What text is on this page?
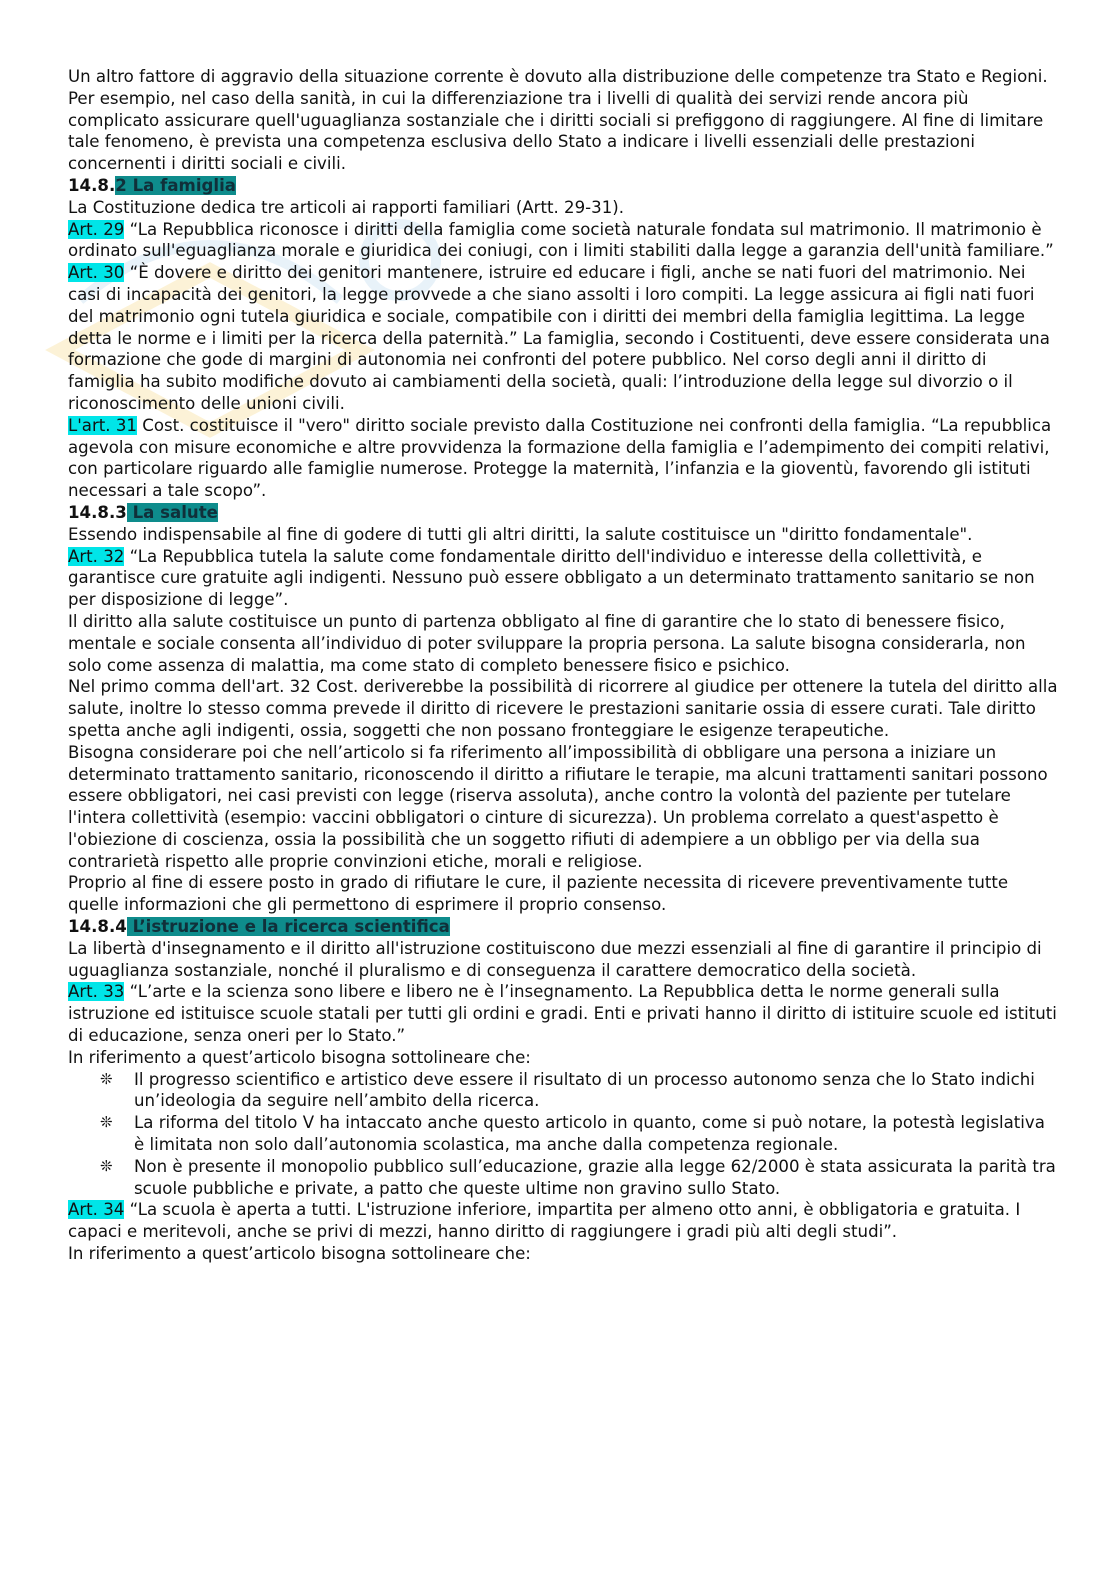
Un altro fattore di aggravio della situazione corrente è dovuto alla distribuzione delle competenze tra Stato e Regioni. Per esempio, nel caso della sanità, in cui la differenziazione tra i livelli di qualità dei servizi rende ancora più complicato assicurare quell'uguaglianza sostanziale che i diritti sociali si prefiggono di raggiungere. Al fine di limitare tale fenomeno, è prevista una competenza esclusiva dello Stato a indicare i livelli essenziali delle prestazioni concernenti i diritti sociali e civili.

14.8.2 La famiglia

La Costituzione dedica tre articoli ai rapporti familiari (Artt. 29-31).

Art. 29 “La Repubblica riconosce i diritti della famiglia come società naturale fondata sul matrimonio. Il matrimonio è ordinato sull'eguaglianza morale e giuridica dei coniugi, con i limiti stabiliti dalla legge a garanzia dell'unità familiare.”

Art. 30 “È dovere e diritto dei genitori mantenere, istruire ed educare i figli, anche se nati fuori del matrimonio. Nei casi di incapacità dei genitori, la legge provvede a che siano assolti i loro compiti. La legge assicura ai figli nati fuori del matrimonio ogni tutela giuridica e sociale, compatibile con i diritti dei membri della famiglia legittima. La legge detta le norme e i limiti per la ricerca della paternità.” La famiglia, secondo i Costituenti, deve essere considerata una formazione che gode di margini di autonomia nei confronti del potere pubblico. Nel corso degli anni il diritto di famiglia ha subito modifiche dovuto ai cambiamenti della società, quali: l’introduzione della legge sul divorzio o il riconoscimento delle unioni civili.

L'art. 31 Cost. costituisce il "vero" diritto sociale previsto dalla Costituzione nei confronti della famiglia. “La repubblica agevola con misure economiche e altre provvidenza la formazione della famiglia e l’adempimento dei compiti relativi, con particolare riguardo alle famiglie numerose. Protegge la maternità, l’infanzia e la gioventù, favorendo gli istituti necessari a tale scopo”.

14.8.3 La salute

Essendo indispensabile al fine di godere di tutti gli altri diritti, la salute costituisce un "diritto fondamentale".

Art. 32 “La Repubblica tutela la salute come fondamentale diritto dell'individuo e interesse della collettività, e garantisce cure gratuite agli indigenti. Nessuno può essere obbligato a un determinato trattamento sanitario se non per disposizione di legge”.

Il diritto alla salute costituisce un punto di partenza obbligato al fine di garantire che lo stato di benessere fisico, mentale e sociale consenta all’individuo di poter sviluppare la propria persona. La salute bisogna considerarla, non solo come assenza di malattia, ma come stato di completo benessere fisico e psichico.

Nel primo comma dell'art. 32 Cost. deriverebbe la possibilità di ricorrere al giudice per ottenere la tutela del diritto alla salute, inoltre lo stesso comma prevede il diritto di ricevere le prestazioni sanitarie ossia di essere curati. Tale diritto spetta anche agli indigenti, ossia, soggetti che non possano fronteggiare le esigenze terapeutiche.

Bisogna considerare poi che nell’articolo si fa riferimento all’impossibilità di obbligare una persona a iniziare un determinato trattamento sanitario, riconoscendo il diritto a rifiutare le terapie, ma alcuni trattamenti sanitari possono essere obbligatori, nei casi previsti con legge (riserva assoluta), anche contro la volontà del paziente per tutelare l'intera collettività (esempio: vaccini obbligatori o cinture di sicurezza). Un problema correlato a quest'aspetto è l'obiezione di coscienza, ossia la possibilità che un soggetto rifiuti di adempiere a un obbligo per via della sua contrarietà rispetto alle proprie convinzioni etiche, morali e religiose.

Proprio al fine di essere posto in grado di rifiutare le cure, il paziente necessita di ricevere preventivamente tutte quelle informazioni che gli permettono di esprimere il proprio consenso.

14.8.4 L’istruzione e la ricerca scientifica

La libertà d'insegnamento e il diritto all'istruzione costituiscono due mezzi essenziali al fine di garantire il principio di uguaglianza sostanziale, nonché il pluralismo e di conseguenza il carattere democratico della società.

Art. 33 “L’arte e la scienza sono libere e libero ne è l’insegnamento. La Repubblica detta le norme generali sulla istruzione ed istituisce scuole statali per tutti gli ordini e gradi. Enti e privati hanno il diritto di istituire scuole ed istituti di educazione, senza oneri per lo Stato.”

In riferimento a quest’articolo bisogna sottolineare che:

❊ Il progresso scientifico e artistico deve essere il risultato di un processo autonomo senza che lo Stato indichi un’ideologia da seguire nell’ambito della ricerca.
❊ La riforma del titolo V ha intaccato anche questo articolo in quanto, come si può notare, la potestà legislativa è limitata non solo dall’autonomia scolastica, ma anche dalla competenza regionale.
❊ Non è presente il monopolio pubblico sull’educazione, grazie alla legge 62/2000 è stata assicurata la parità tra scuole pubbliche e private, a patto che queste ultime non gravino sullo Stato.

Art. 34 “La scuola è aperta a tutti. L'istruzione inferiore, impartita per almeno otto anni, è obbligatoria e gratuita. I capaci e meritevoli, anche se privi di mezzi, hanno diritto di raggiungere i gradi più alti degli studi”.

In riferimento a quest’articolo bisogna sottolineare che:
